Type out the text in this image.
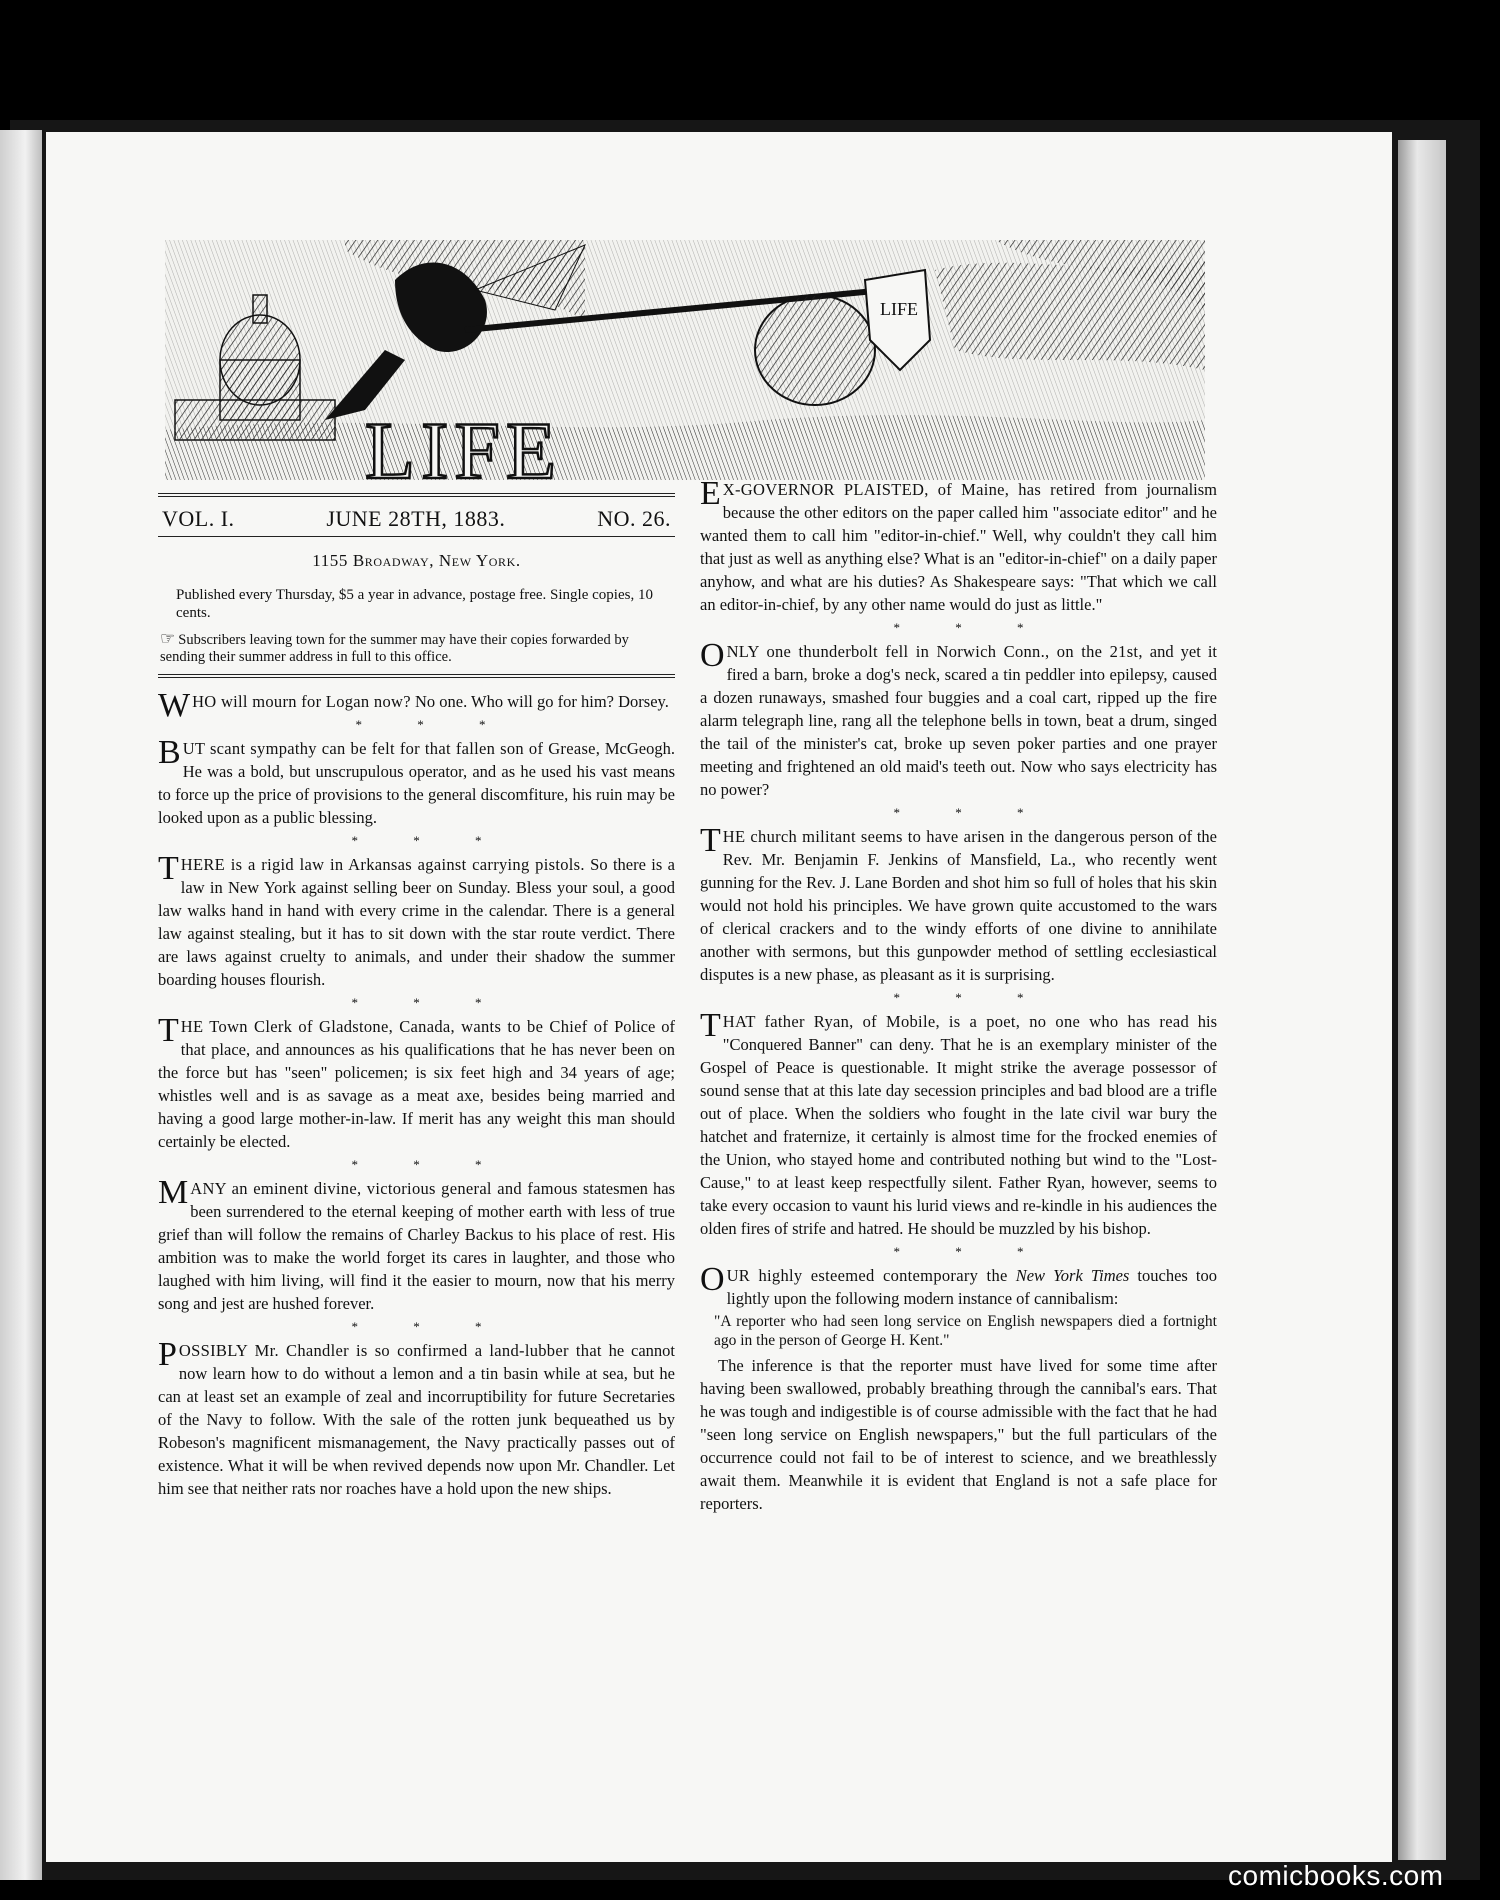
LIFE
LIFE
VOL. I.	JUNE 28TH, 1883.	NO. 26.
1155 Broadway, New York.
Published every Thursday, $5 a year in advance, postage free. Single copies, 10 cents.
☞ Subscribers leaving town for the summer may have their copies forwarded by sending their summer address in full to this office.

WHO will mourn for Logan now? No one. Who will go for him? Dorsey.

* * *

BUT scant sympathy can be felt for that fallen son of Grease, McGeogh. He was a bold, but unscrupulous operator, and as he used his vast means to force up the price of provisions to the general discomfiture, his ruin may be looked upon as a public blessing.

* * *

THERE is a rigid law in Arkansas against carrying pistols. So there is a law in New York against selling beer on Sunday. Bless your soul, a good law walks hand in hand with every crime in the calendar. There is a general law against stealing, but it has to sit down with the star route verdict. There are laws against cruelty to animals, and under their shadow the summer boarding houses flourish.

* * *

THE Town Clerk of Gladstone, Canada, wants to be Chief of Police of that place, and announces as his qualifications that he has never been on the force but has "seen" policemen; is six feet high and 34 years of age; whistles well and is as savage as a meat axe, besides being married and having a good large mother-in-law. If merit has any weight this man should certainly be elected.

* * *

MANY an eminent divine, victorious general and famous statesmen has been surrendered to the eternal keeping of mother earth with less of true grief than will follow the remains of Charley Backus to his place of rest. His ambition was to make the world forget its cares in laughter, and those who laughed with him living, will find it the easier to mourn, now that his merry song and jest are hushed forever.

* * *

POSSIBLY Mr. Chandler is so confirmed a land-lubber that he cannot now learn how to do without a lemon and a tin basin while at sea, but he can at least set an example of zeal and incorruptibility for future Secretaries of the Navy to follow. With the sale of the rotten junk bequeathed us by Robeson's magnificent mismanagement, the Navy practically passes out of existence. What it will be when revived depends now upon Mr. Chandler. Let him see that neither rats nor roaches have a hold upon the new ships.

E X-GOVERNOR PLAISTED, of Maine, has retired from journalism because the other editors on the paper called him "associate editor" and he wanted them to call him "editor-in-chief." Well, why couldn't they call him that just as well as anything else? What is an "editor-in-chief" on a daily paper anyhow, and what are his duties? As Shakespeare says: "That which we call an editor-in-chief, by any other name would do just as little."

* * *

ONLY one thunderbolt fell in Norwich Conn., on the 21st, and yet it fired a barn, broke a dog's neck, scared a tin peddler into epilepsy, caused a dozen runaways, smashed four buggies and a coal cart, ripped up the fire alarm telegraph line, rang all the telephone bells in town, beat a drum, singed the tail of the minister's cat, broke up seven poker parties and one prayer meeting and frightened an old maid's teeth out. Now who says electricity has no power?

* * *

THE church militant seems to have arisen in the dangerous person of the Rev. Mr. Benjamin F. Jenkins of Mansfield, La., who recently went gunning for the Rev. J. Lane Borden and shot him so full of holes that his skin would not hold his principles. We have grown quite accustomed to the wars of clerical crackers and to the windy efforts of one divine to annihilate another with sermons, but this gunpowder method of settling ecclesiastical disputes is a new phase, as pleasant as it is surprising.

* * *

THAT father Ryan, of Mobile, is a poet, no one who has read his "Conquered Banner" can deny. That he is an exemplary minister of the Gospel of Peace is questionable. It might strike the average possessor of sound sense that at this late day secession principles and bad blood are a trifle out of place. When the soldiers who fought in the late civil war bury the hatchet and fraternize, it certainly is almost time for the frocked enemies of the Union, who stayed home and contributed nothing but wind to the "Lost-Cause," to at least keep respectfully silent. Father Ryan, however, seems to take every occasion to vaunt his lurid views and re-kindle in his audiences the olden fires of strife and hatred. He should be muzzled by his bishop.

* * *

OUR highly esteemed contemporary the New York Times touches too lightly upon the following modern instance of cannibalism:

"A reporter who had seen long service on English newspapers died a fortnight ago in the person of George H. Kent."

The inference is that the reporter must have lived for some time after having been swallowed, probably breathing through the cannibal's ears. That he was tough and indigestible is of course admissible with the fact that he had "seen long service on English newspapers," but the full particulars of the occurrence could not fail to be of interest to science, and we breathlessly await them. Meanwhile it is evident that England is not a safe place for reporters.

comicbooks.com
